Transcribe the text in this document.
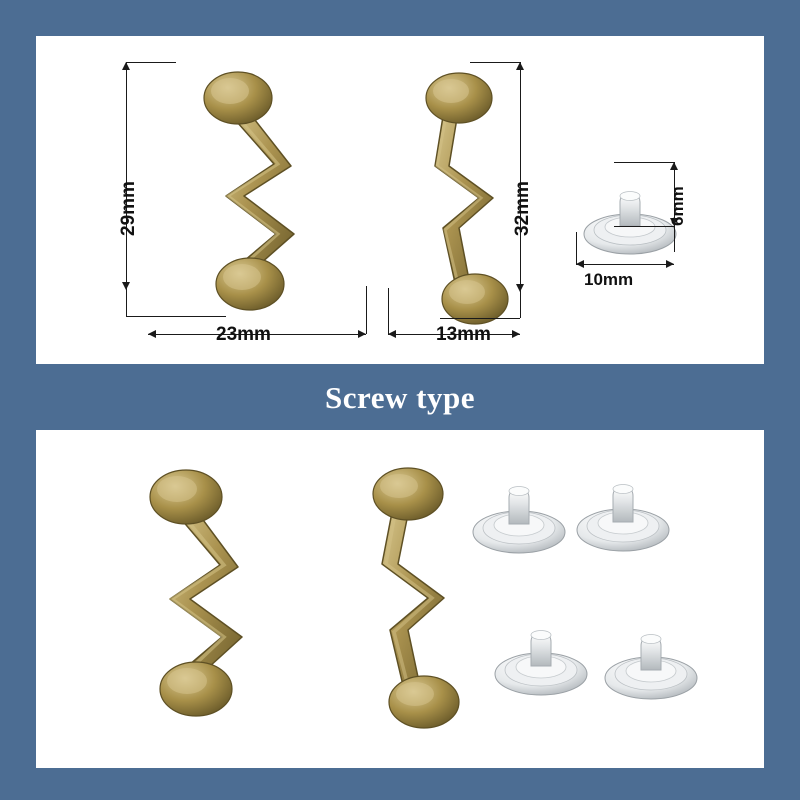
29mm
23mm
32mm
13mm
6mm
10mm
Screw type
